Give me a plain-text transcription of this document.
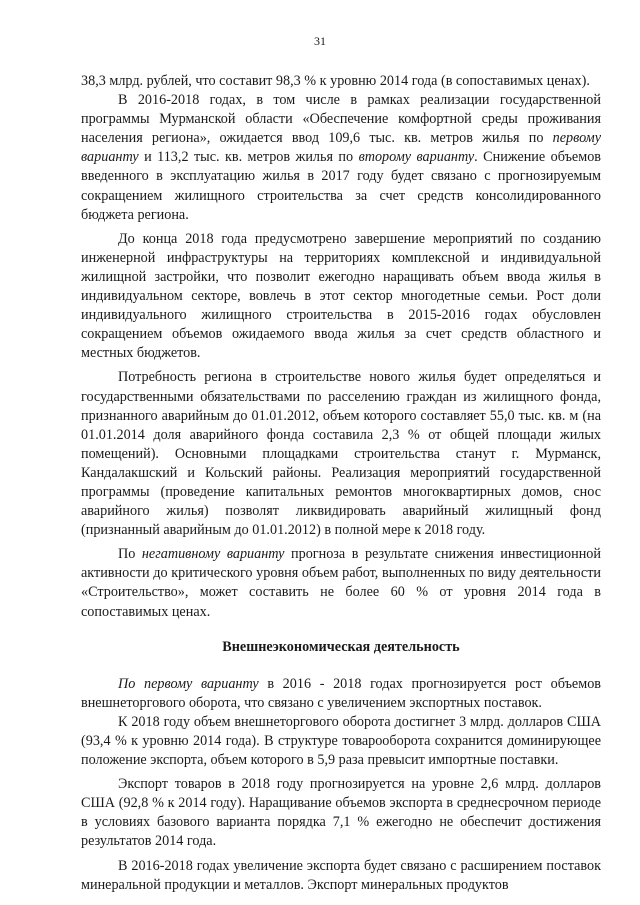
31

38,3 млрд. рублей, что составит 98,3 % к уровню 2014 года (в сопоставимых ценах).

В 2016-2018 годах, в том числе в рамках реализации государственной программы Мурманской области «Обеспечение комфортной среды проживания населения региона», ожидается ввод 109,6 тыс. кв. метров жилья по первому варианту и 113,2 тыс. кв. метров жилья по второму варианту. Снижение объемов введенного в эксплуатацию жилья в 2017 году будет связано с прогнозируемым сокращением жилищного строительства за счет средств консолидированного бюджета региона.

До конца 2018 года предусмотрено завершение мероприятий по созданию инженерной инфраструктуры на территориях комплексной и индивидуальной жилищной застройки, что позволит ежегодно наращивать объем ввода жилья в индивидуальном секторе, вовлечь в этот сектор многодетные семьи. Рост доли индивидуального жилищного строительства в 2015-2016 годах обусловлен сокращением объемов ожидаемого ввода жилья за счет средств областного и местных бюджетов.

Потребность региона в строительстве нового жилья будет определяться и государственными обязательствами по расселению граждан из жилищного фонда, признанного аварийным до 01.01.2012, объем которого составляет 55,0 тыс. кв. м (на 01.01.2014 доля аварийного фонда составила 2,3 % от общей площади жилых помещений). Основными площадками строительства станут г. Мурманск, Кандалакшский и Кольский районы. Реализация мероприятий государственной программы (проведение капитальных ремонтов многоквартирных домов, снос аварийного жилья) позволят ликвидировать аварийный жилищный фонд (признанный аварийным до 01.01.2012) в полной мере к 2018 году.

По негативному варианту прогноза в результате снижения инвестиционной активности до критического уровня объем работ, выполненных по виду деятельности «Строительство», может составить не более 60 % от уровня 2014 года в сопоставимых ценах.

Внешнеэкономическая деятельность

По первому варианту в 2016 - 2018 годах прогнозируется рост объемов внешнеторгового оборота, что связано с увеличением экспортных поставок.

К 2018 году объем внешнеторгового оборота достигнет 3 млрд. долларов США (93,4 % к уровню 2014 года). В структуре товарооборота сохранится доминирующее положение экспорта, объем которого в 5,9 раза превысит импортные поставки.

Экспорт товаров в 2018 году прогнозируется на уровне 2,6 млрд. долларов США (92,8 % к 2014 году). Наращивание объемов экспорта в среднесрочном периоде в условиях базового варианта порядка 7,1 % ежегодно не обеспечит достижения результатов 2014 года.

В 2016-2018 годах увеличение экспорта будет связано с расширением поставок минеральной продукции и металлов. Экспорт минеральных продуктов
